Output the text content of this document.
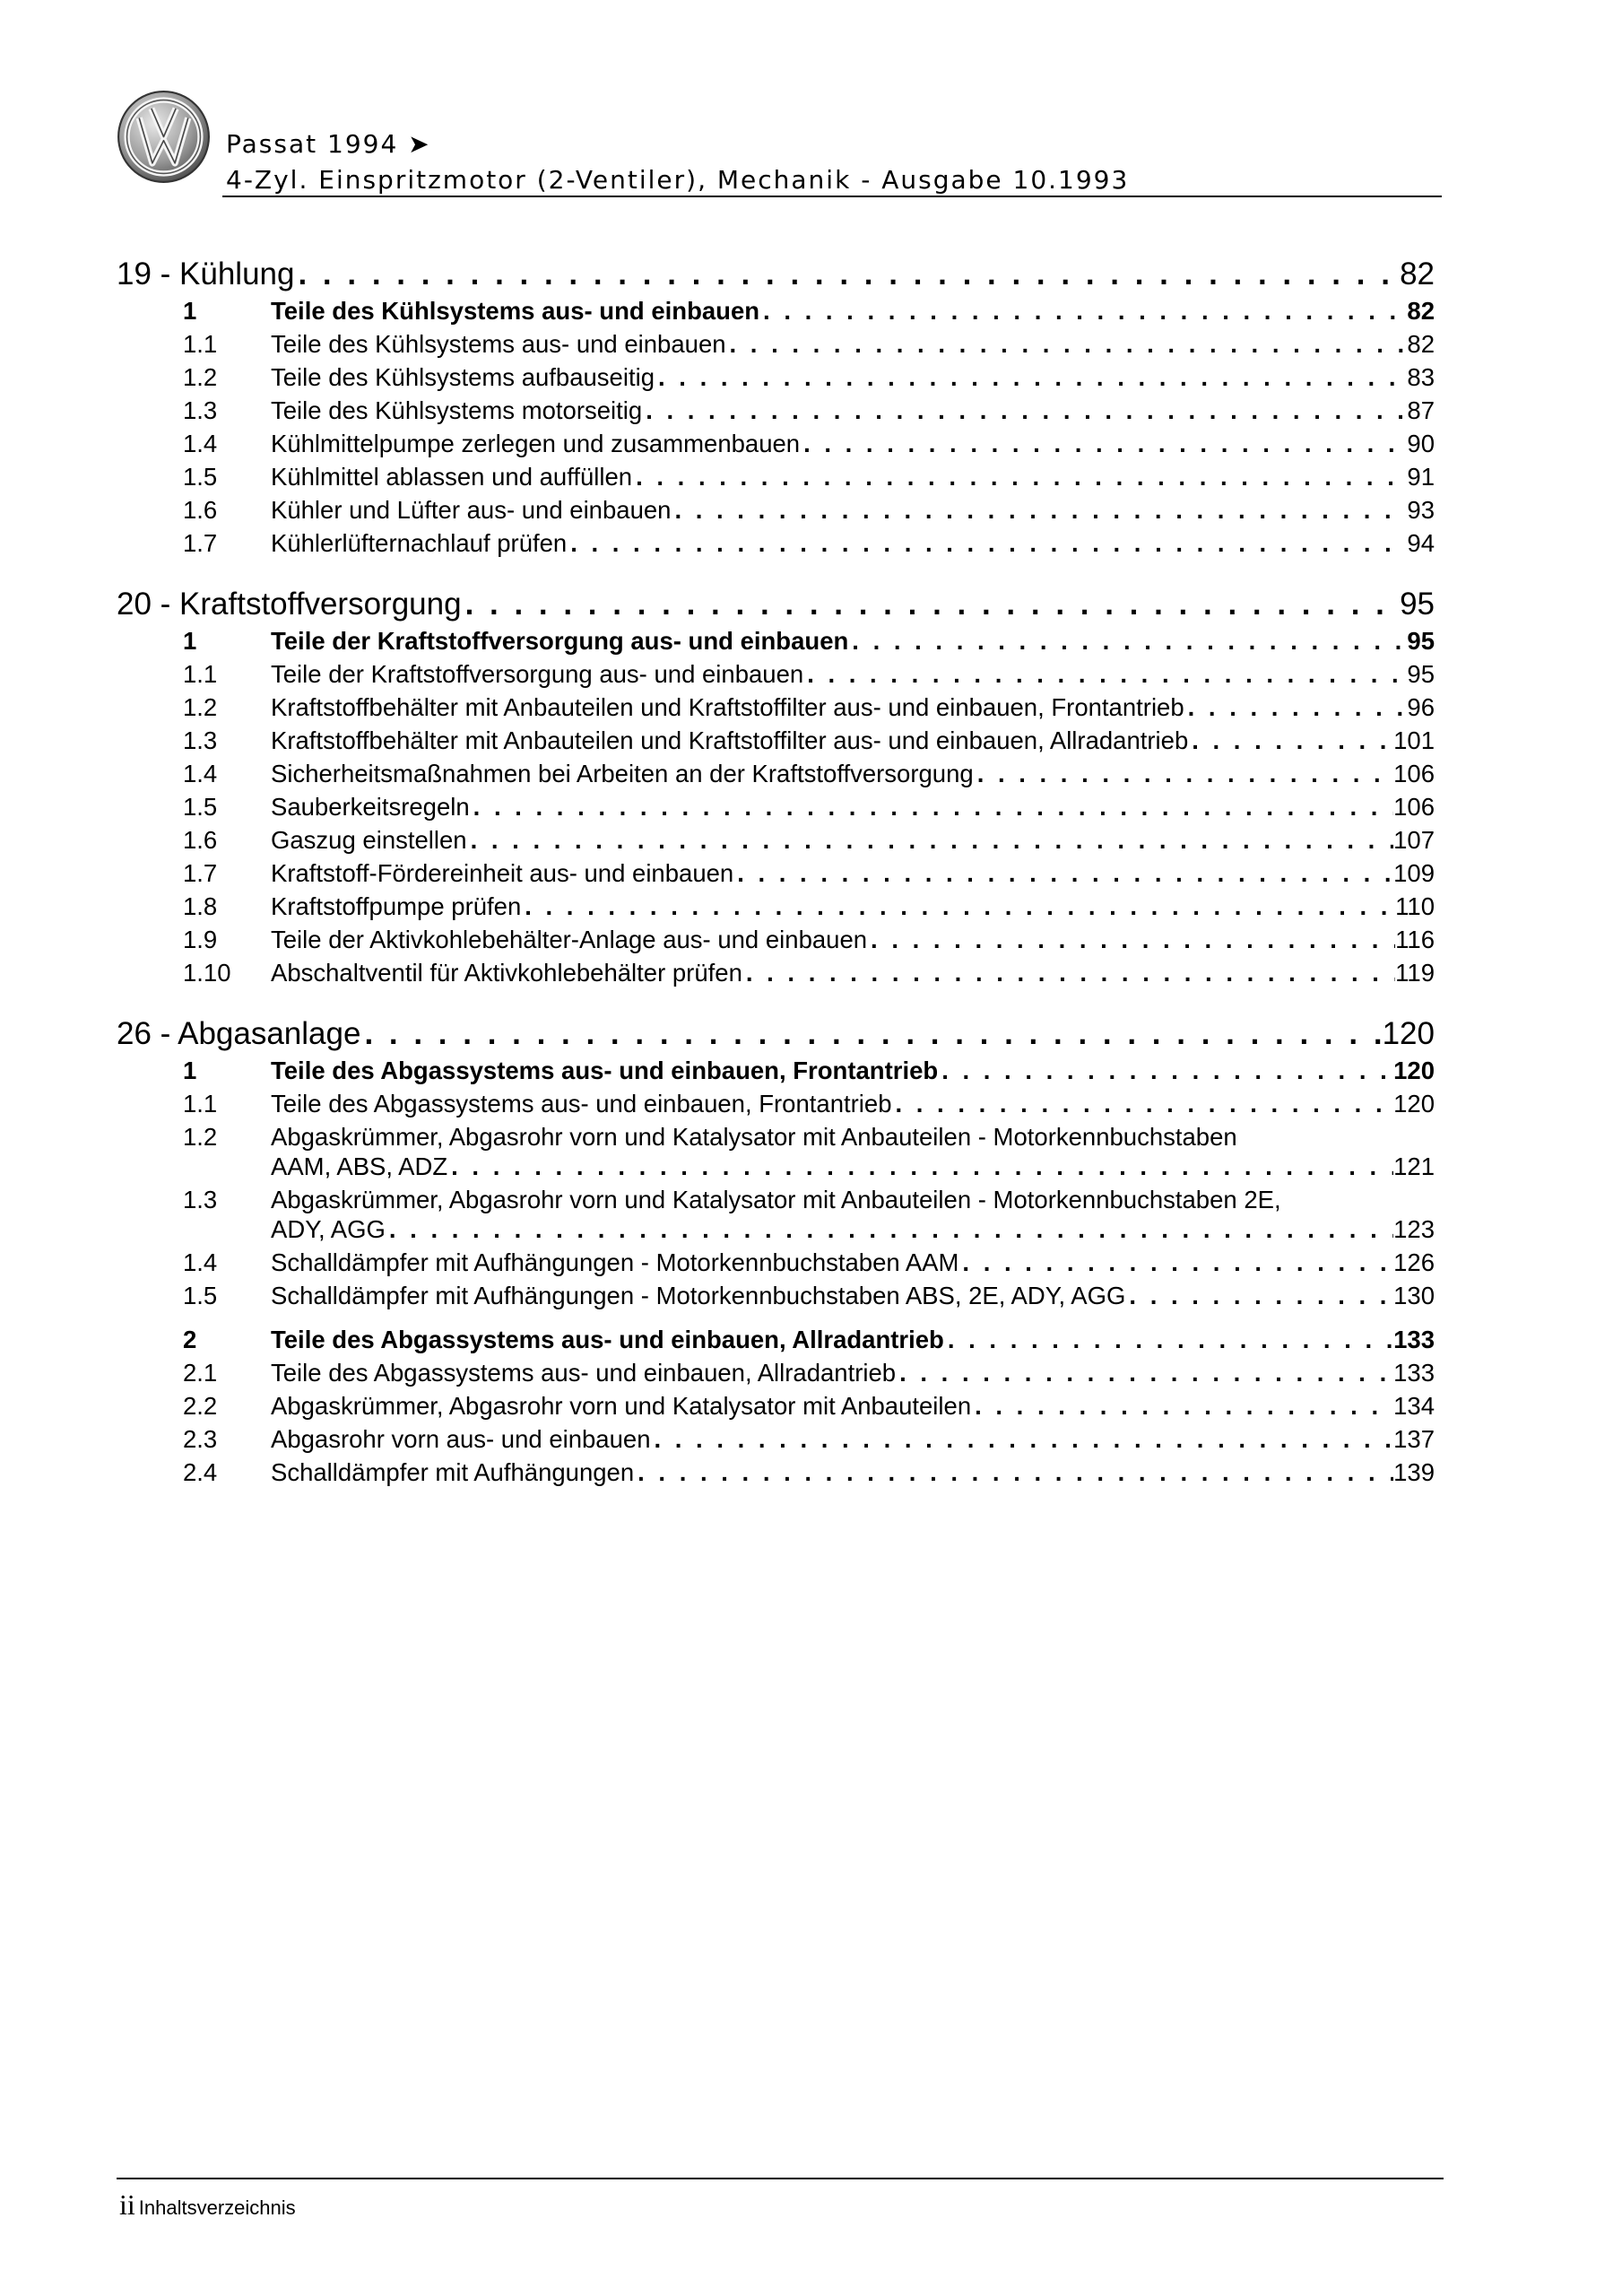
Passat 1994 ➤
4-Zyl. Einspritzmotor (2-Ventiler), Mechanik - Ausgabe 10.1993
19 - Kühlung . . .	82
1	Teile des Kühlsystems aus- und einbauen . . .	82
1.1	Teile des Kühlsystems aus- und einbauen . . .	82
1.2	Teile des Kühlsystems aufbauseitig . . .	83
1.3	Teile des Kühlsystems motorseitig . . .	87
1.4	Kühlmittelpumpe zerlegen und zusammenbauen . . .	90
1.5	Kühlmittel ablassen und auffüllen . . .	91
1.6	Kühler und Lüfter aus- und einbauen . . .	93
1.7	Kühlerlüfternachlauf prüfen . . .	94
20 - Kraftstoffversorgung . . .	95
1	Teile der Kraftstoffversorgung aus- und einbauen . . .	95
1.1	Teile der Kraftstoffversorgung aus- und einbauen . . .	95
1.2	Kraftstoffbehälter mit Anbauteilen und Kraftstoffilter aus- und einbauen, Frontantrieb . . .	96
1.3	Kraftstoffbehälter mit Anbauteilen und Kraftstoffilter aus- und einbauen, Allradantrieb . . .	101
1.4	Sicherheitsmaßnahmen bei Arbeiten an der Kraftstoffversorgung . . .	106
1.5	Sauberkeitsregeln . . .	106
1.6	Gaszug einstellen . . .	107
1.7	Kraftstoff-Fördereinheit aus- und einbauen . . .	109
1.8	Kraftstoffpumpe prüfen . . .	110
1.9	Teile der Aktivkohlebehälter-Anlage aus- und einbauen . . .	116
1.10	Abschaltventil für Aktivkohlebehälter prüfen . . .	119
26 - Abgasanlage . . .	120
1	Teile des Abgassystems aus- und einbauen, Frontantrieb . . .	120
1.1	Teile des Abgassystems aus- und einbauen, Frontantrieb . . .	120
1.2	Abgaskrümmer, Abgasrohr vorn und Katalysator mit Anbauteilen - Motorkennbuchstaben
AAM, ABS, ADZ . . .	121
1.3	Abgaskrümmer, Abgasrohr vorn und Katalysator mit Anbauteilen - Motorkennbuchstaben 2E,
ADY, AGG . . .	123
1.4	Schalldämpfer mit Aufhängungen - Motorkennbuchstaben AAM . . .	126
1.5	Schalldämpfer mit Aufhängungen - Motorkennbuchstaben ABS, 2E, ADY, AGG . . .	130
2	Teile des Abgassystems aus- und einbauen, Allradantrieb . . .	133
2.1	Teile des Abgassystems aus- und einbauen, Allradantrieb . . .	133
2.2	Abgaskrümmer, Abgasrohr vorn und Katalysator mit Anbauteilen . . .	134
2.3	Abgasrohr vorn aus- und einbauen . . .	137
2.4	Schalldämpfer mit Aufhängungen . . .	139
ii Inhaltsverzeichnis
